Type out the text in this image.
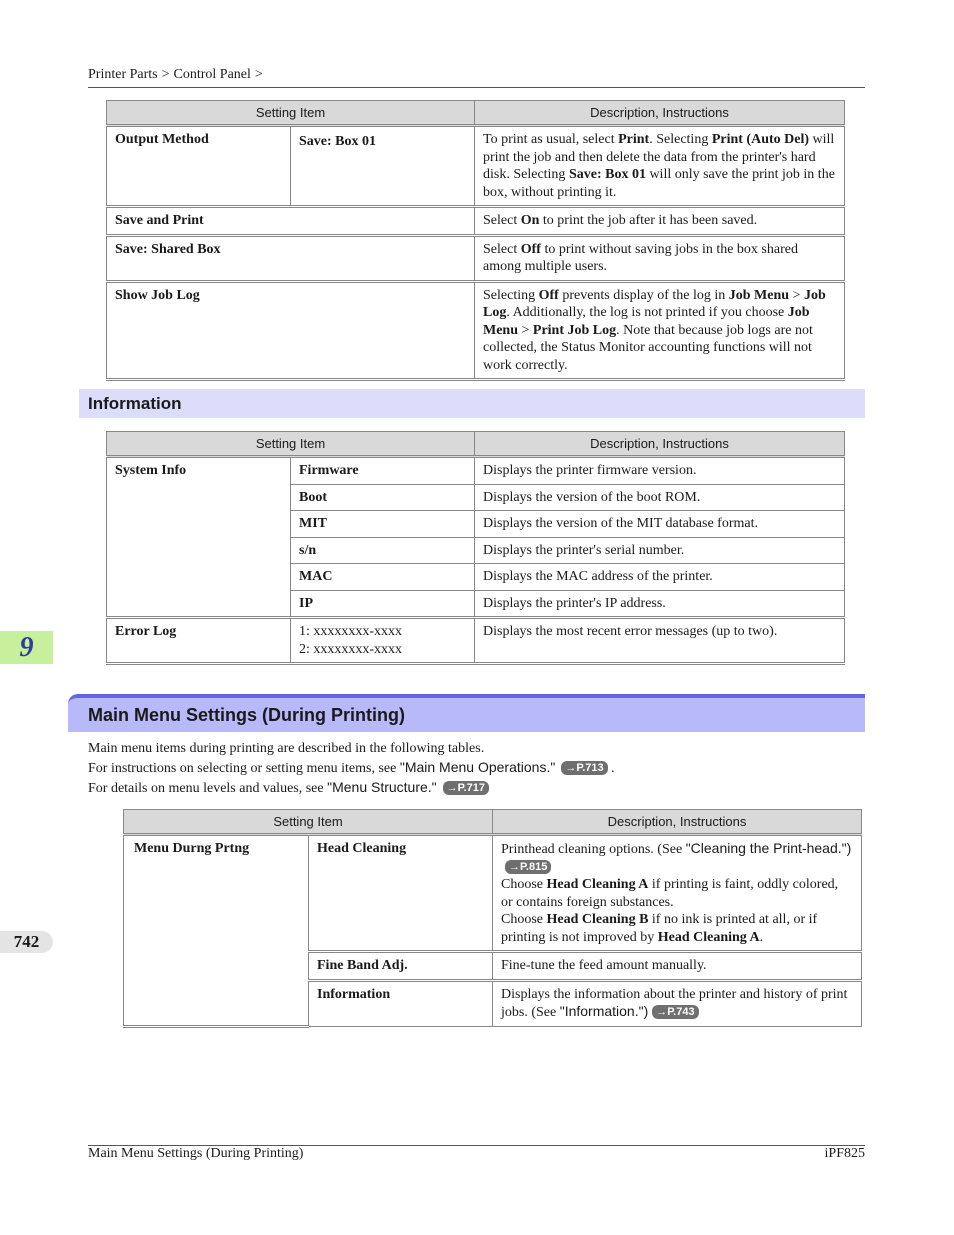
Printer Parts > Control Panel >
Setting Item		Description, Instructions
Output Method	Save: Box 01	To print as usual, select Print. Selecting Print (Auto Del) will print the job and then delete the data from the printer's hard disk. Selecting Save: Box 01 will only save the print job in the box, without printing it.
Save and Print		Select On to print the job after it has been saved.
Save: Shared Box		Select Off to print without saving jobs in the box shared among multiple users.
Show Job Log		Selecting Off prevents display of the log in Job Menu > Job Log. Additionally, the log is not printed if you choose Job Menu > Print Job Log. Note that because job logs are not collected, the Status Monitor accounting functions will not work correctly.
Information
Setting Item		Description, Instructions
System Info	Firmware	Displays the printer firmware version.
	Boot	Displays the version of the boot ROM.
	MIT	Displays the version of the MIT database format.
	s/n	Displays the printer's serial number.
	MAC	Displays the MAC address of the printer.
	IP	Displays the printer's IP address.
Error Log	1: xxxxxxxx-xxxx
2: xxxxxxxx-xxxx	Displays the most recent error messages (up to two).
9
742
Main Menu Settings (During Printing)
Main menu items during printing are described in the following tables.
For instructions on selecting or setting menu items, see "Main Menu Operations." →P.713 .
For details on menu levels and values, see "Menu Structure." →P.717
Setting Item		Description, Instructions
Menu Durng Prtng	Head Cleaning	Printhead cleaning options. (See "Cleaning the Print-head.")→P.815
Choose Head Cleaning A if printing is faint, oddly colored, or contains foreign substances.
Choose Head Cleaning B if no ink is printed at all, or if printing is not improved by Head Cleaning A.
	Fine Band Adj.	Fine-tune the feed amount manually.
	Information	Displays the information about the printer and history of print jobs. (See "Information.") →P.743
Main Menu Settings (During Printing)	iPF825
